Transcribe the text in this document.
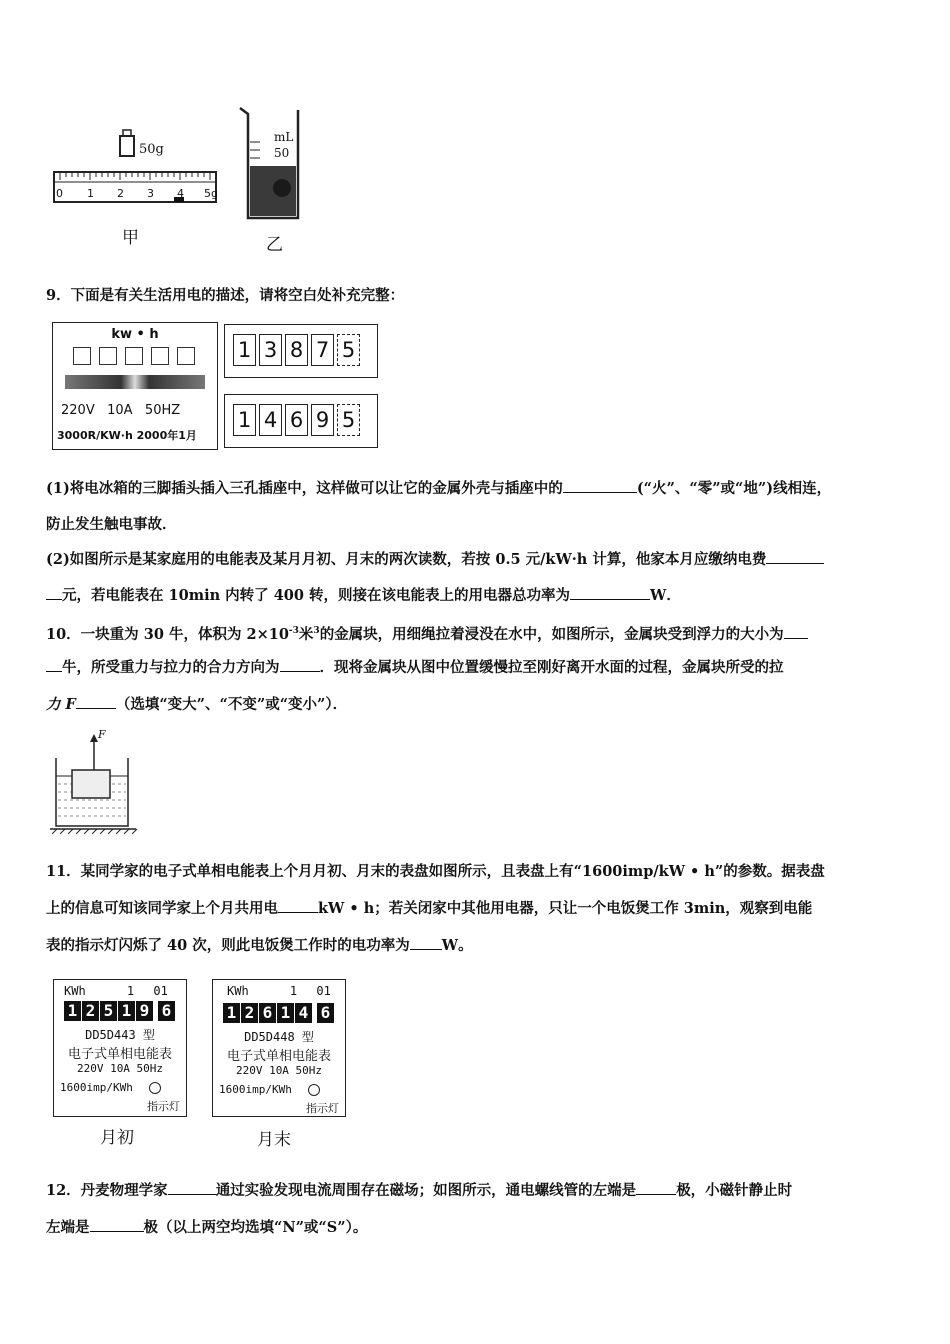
50g
0 1 2 3 4 5g
甲
mL
50
乙
9．下面是有关生活用电的描述，请将空白处补充完整：
kw • h
220V   10A   50HZ
3000R/KW·h 2000年1月
1 3 8 7 5
1 4 6 9 5
(1)将电冰箱的三脚插头插入三孔插座中，这样做可以让它的金属外壳与插座中的	(“火”、“零”或“地”)线相连，
防止发生触电事故．
(2)如图所示是某家庭用的电能表及某月月初、月末的两次读数，若按 0.5 元/kW·h 计算，他家本月应缴纳电费
元，若电能表在 10min 内转了 400 转，则接在该电能表上的用电器总功率为	W．
10．一块重为 30 牛，体积为 $2\times 10^{-3}$米$^3$的金属块，用细绳拉着浸没在水中，如图所示，金属块受到浮力的大小为
牛，所受重力与拉力的合力方向为	．现将金属块从图中位置缓慢拉至刚好离开水面的过程，金属块所受的拉
力 F	（选填“变大”、“不变”或“变小”）．
F
11．某同学家的电子式单相电能表上个月月初、月末的表盘如图所示，且表盘上有“1600imp/kW • h”的参数。据表盘
上的信息可知该同学家上个月共用电	kW • h；若关闭家中其他用电器，只让一个电饭煲工作 3min，观察到电能
表的指示灯闪烁了 40 次，则此电饭煲工作时的电功率为 W。
KWh	1 01
1 2 5 1 9 6
DD5D443 型
电子式单相电能表
220V 10A 50Hz
1600imp/KWh
指示灯
月初
KWh	1 01
1 2 6 1 4 6
DD5D448 型
电子式单相电能表
220V 10A 50Hz
1600imp/KWh
指示灯
月末
12．丹麦物理学家	通过实验发现电流周围存在磁场；如图所示，通电螺线管的左端是	极，小磁针静止时
左端是	极（以上两空均选填“N”或“S”）。
